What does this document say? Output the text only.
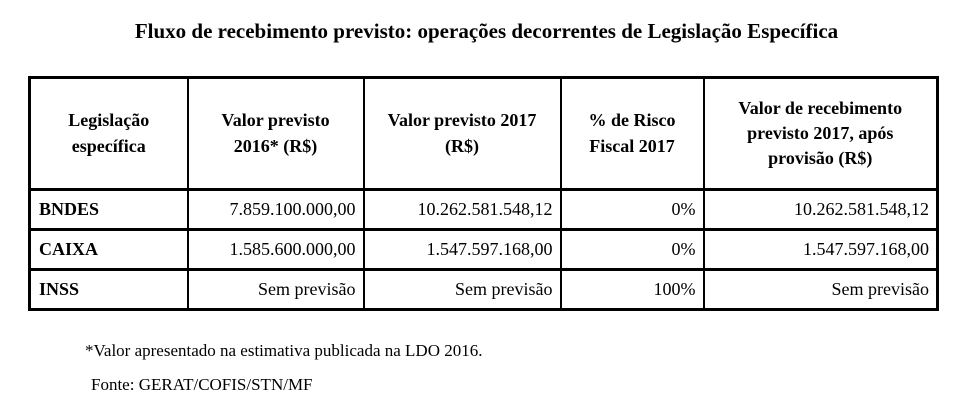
Fluxo de recebimento previsto: operações decorrentes de Legislação Específica
Legislação específica	Valor previsto 2016* (R$)	Valor previsto 2017 (R$)	% de Risco Fiscal 2017	Valor de recebimento previsto 2017, após provisão (R$)
BNDES	7.859.100.000,00	10.262.581.548,12	0%	10.262.581.548,12
CAIXA	1.585.600.000,00	1.547.597.168,00	0%	1.547.597.168,00
INSS	Sem previsão	Sem previsão	100%	Sem previsão

*Valor apresentado na estimativa publicada na LDO 2016.

Fonte: GERAT/COFIS/STN/MF
